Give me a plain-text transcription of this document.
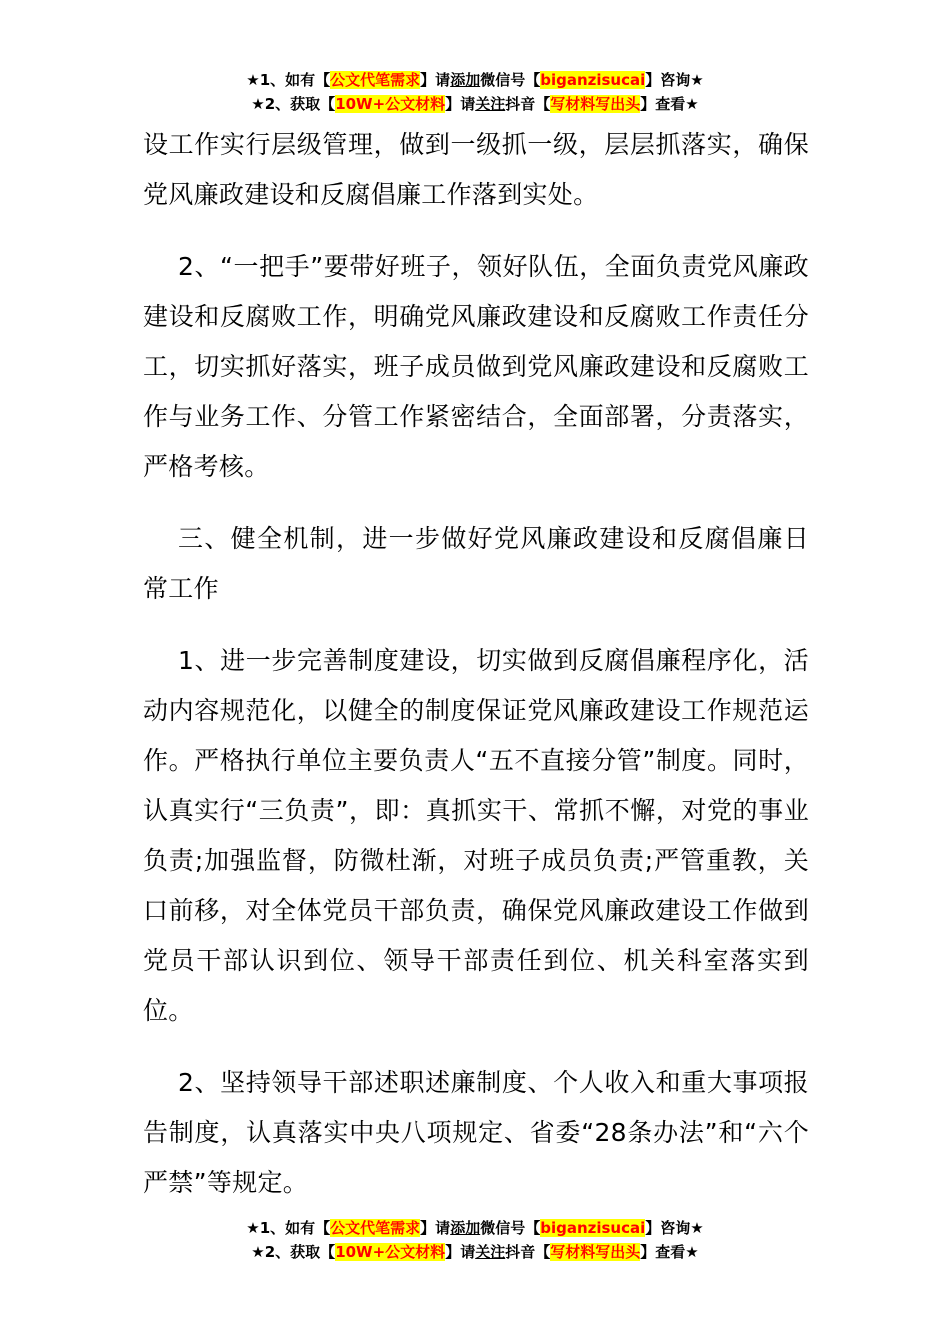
★1、如有【公文代笔需求】请添加微信号【biganzisucai】咨询★
★2、获取【10W+公文材料】请关注抖音【写材料写出头】查看★

设工作实行层级管理，做到一级抓一级，层层抓落实，确保党风廉政建设和反腐倡廉工作落到实处。

2、“一把手”要带好班子，领好队伍，全面负责党风廉政建设和反腐败工作，明确党风廉政建设和反腐败工作责任分工，切实抓好落实，班子成员做到党风廉政建设和反腐败工作与业务工作、分管工作紧密结合，全面部署，分责落实，严格考核。

三、健全机制，进一步做好党风廉政建设和反腐倡廉日常工作

1、进一步完善制度建设，切实做到反腐倡廉程序化，活动内容规范化，以健全的制度保证党风廉政建设工作规范运作。严格执行单位主要负责人“五不直接分管”制度。同时，认真实行“三负责”，即：真抓实干、常抓不懈，对党的事业负责;加强监督，防微杜渐，对班子成员负责;严管重教，关口前移，对全体党员干部负责，确保党风廉政建设工作做到党员干部认识到位、领导干部责任到位、机关科室落实到位。

2、坚持领导干部述职述廉制度、个人收入和重大事项报告制度，认真落实中央八项规定、省委“28条办法”和“六个严禁”等规定。

★1、如有【公文代笔需求】请添加微信号【biganzisucai】咨询★
★2、获取【10W+公文材料】请关注抖音【写材料写出头】查看★
